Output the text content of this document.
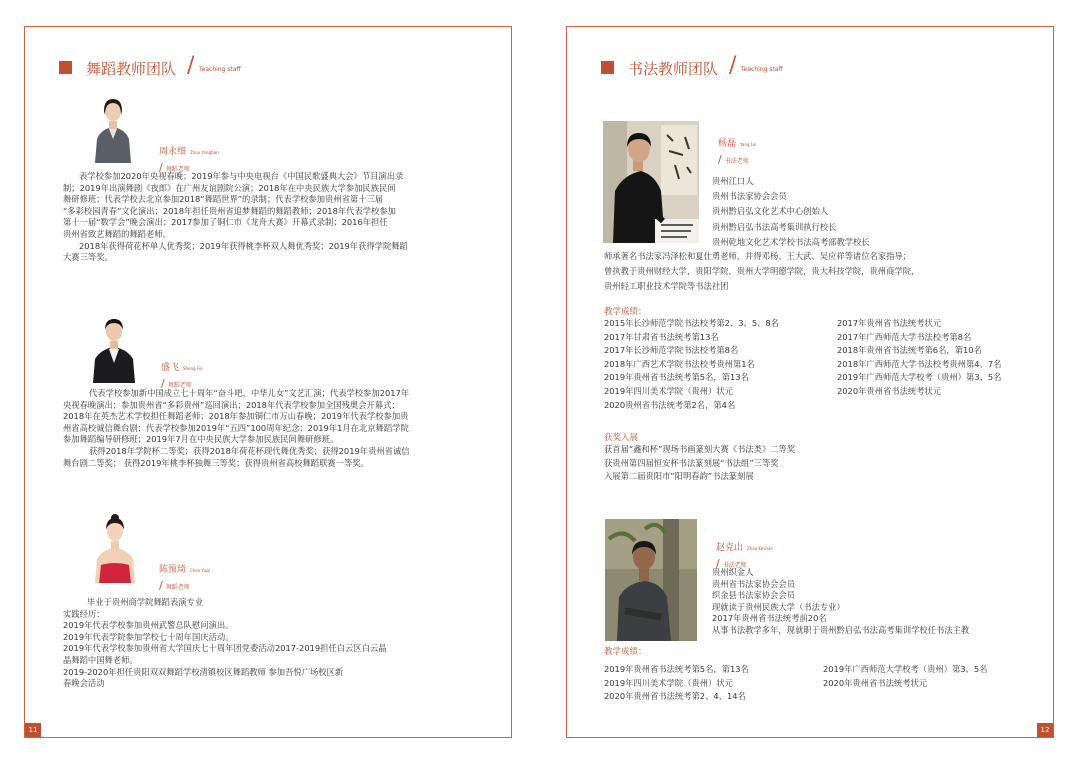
舞蹈教师团队 / Teaching staff
周永细 Zhou Yongtian
/ 舞蹈老师
表学校参加2020年央视春晚；2019年参与中央电视台《中国民歌盛典大会》节目演出录
制；2019年出演舞剧《夜郎》在广州友谊剧院公演；2018年在中央民族大学参加民族民间
舞研修班；代表学校去北京参加2018“舞蹈世界”的录制；代表学校参加贵州省第十三届
“多彩校园青春”文化演出；2018年担任贵州省追梦舞蹈的舞蹈教师；2018年代表学校参加
第十一届“数学会”晚会演出；2017参加了铜仁市《龙舟大赛》开幕式录制；2016年担任
贵州省致艺舞蹈的舞蹈老师。
2018年获得荷花杯单人优秀奖；2019年获得桃李杯双人舞优秀奖；2019年获得学院舞蹈
大赛三等奖。
盛飞 Sheng Fei
/ 舞蹈老师
代表学校参加新中国成立七十周年“奋斗吧，中华儿女”文艺汇演；代表学校参加2017年
央视春晚演出；参加贵州省“多彩贵州”巡回演出；2018年代表学校参加全国残奥会开幕式；
2018年在英杰艺术学校担任舞蹈老师；2018年参加铜仁市万山春晚；2019年代表学校参加贵
州省高校诚信舞台剧；代表学校参加2019年“五四”100周年纪念；2019年1月在北京舞蹈学院
参加舞蹈编导研修班；2019年7月在中央民族大学参加民族民间舞研修班。
获得2018年学院杯二等奖；获得2018年荷花杯现代舞优秀奖；获得2019年贵州省诚信
舞台剧二等奖； 获得2019年桃李杯独舞三等奖；获得贵州省高校舞蹈联赛一等奖。
陈预琦 Chen Yuqi
/ 舞蹈老师
毕业于贵州商学院舞蹈表演专业
实践经历：
2019年代表学校参加贵州武警总队慰问演出。
2019年代表学院参加学校七十周年国庆活动。
2019年代表学校参加贵州省大学国庆七十周年团党委活动2017-2019担任白云区白云晶
晶舞蹈中国舞老师。
2019-2020年担任贵阳双双舞蹈学校清镇校区舞蹈教师 参加吾悦广场校区新
春晚会活动
11
书法教师团队 / Teaching staff
杨磊 Yang Lei
/ 书法老师
贵州江口人
贵州书法家协会会员
贵州黔启弘文化艺术中心创始人
贵州黔启弘书法高考集训执行校长
贵州乾地文化艺术学校书法高考部教学校长
师承著名书法家冯泽松和夏仕勇老师，并得邓杨、王大武、吴应祥等诸位名家指导；
曾执教于贵州财经大学，贵阳学院，贵州大学明德学院，贵大科技学院，贵州商学院，
贵州轻工职业技术学院等书法社团
教学成绩：
2015年长沙师范学院书法校考第2、3、5、8名	2017年贵州省书法统考状元
2017年甘肃省书法统考第13名	2017年广西师范大学书法校考第8名
2017年长沙师范学院书法校考第8名	2018年贵州省书法统考第6名，第10名
2018年广西艺术学院书法校考贵州第1名	2018年广西师范大学书法校考贵州第4、7名
2019年贵州省书法统考第5名，第13名	2019年广西师范大学校考（贵州）第3、5名
2019年四川美术学院（贵州）状元	2020年贵州省书法统考状元
2020贵州省书法统考第2名，第4名
获奖入展
获首届“鑫和杯”现场书画篆刻大赛《书法类》二等奖
获贵州第四届恒安杯书法篆刻展“书法组”三等奖
入展第二届贵阳市“阳明春韵”书法篆刻展
赵克山 Zhao Keshan
/ 书法老师
贵州织金人
贵州省书法家协会会员
织金县书法家协会会员
现就读于贵州民族大学（书法专业）
2017年贵州省书法统考前20名
从事书法教学多年，现就职于贵州黔启弘书法高考集训学校任书法主教
教学成绩：
2019年贵州省书法统考第5名，第13名	2019年广西师范大学校考（贵州）第3、5名
2019年四川美术学院（贵州）状元	2020年贵州省书法统考状元
2020年贵州省书法统考第2、4、14名
12
